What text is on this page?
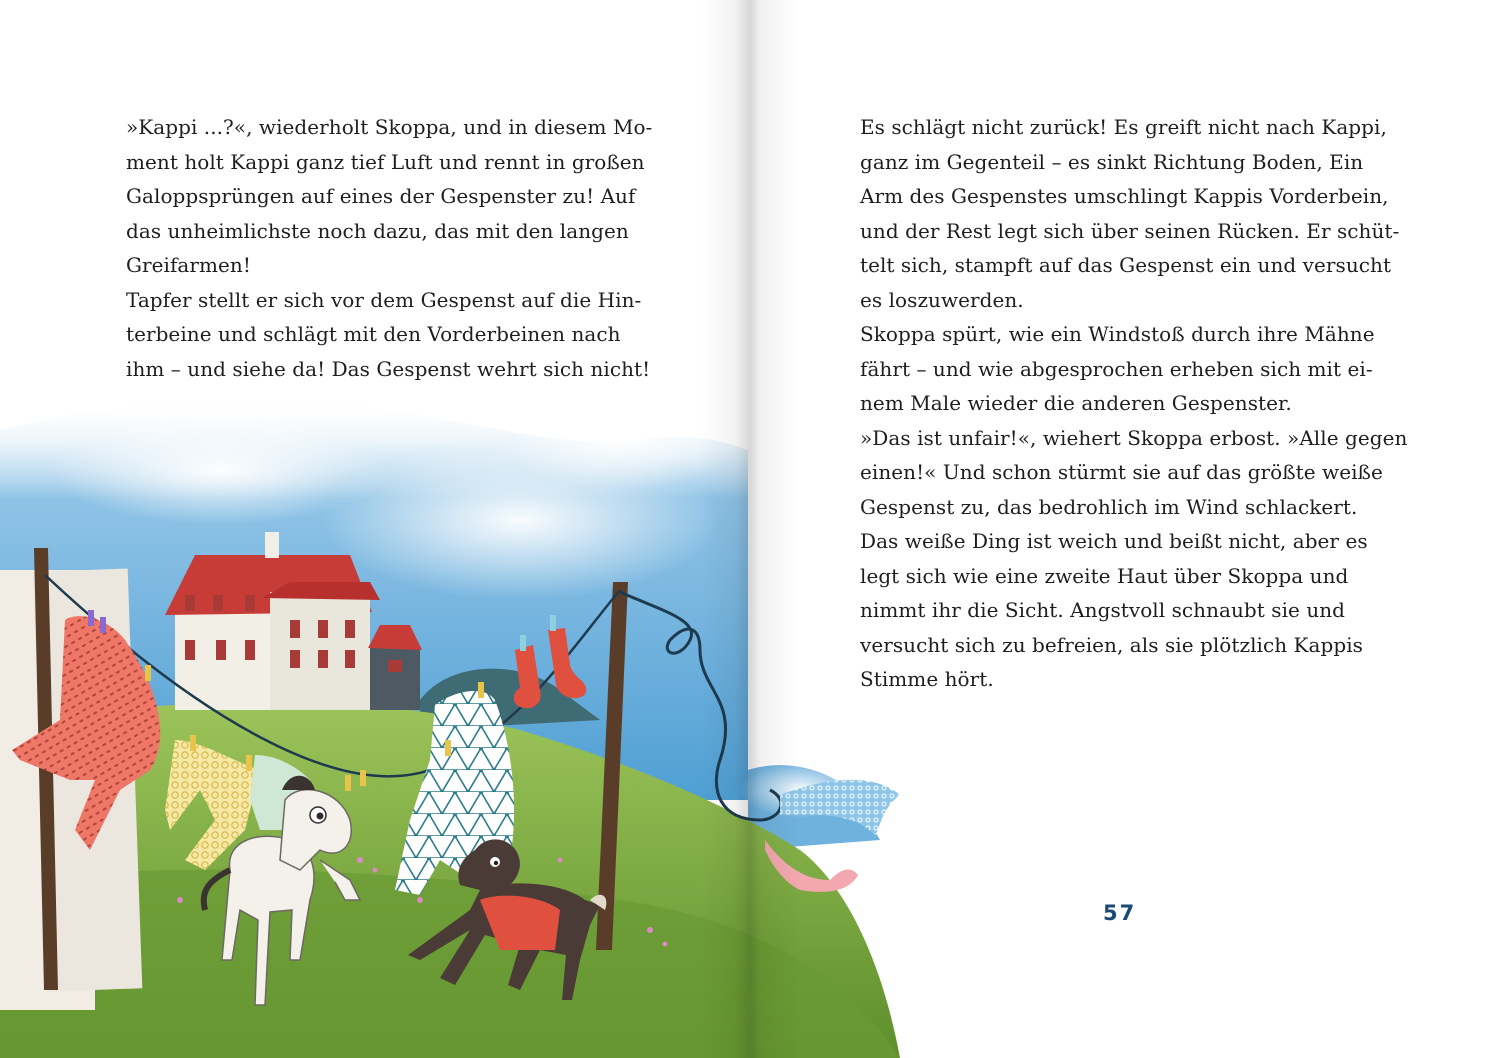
»Kappi ...?«, wiederholt Skoppa, und in diesem Mo-
ment holt Kappi ganz tief Luft und rennt in großen
Galoppsprüngen auf eines der Gespenster zu! Auf
das unheimlichste noch dazu, das mit den langen
Greifarmen!
Tapfer stellt er sich vor dem Gespenst auf die Hin-
terbeine und schlägt mit den Vorderbeinen nach
ihm – und siehe da! Das Gespenst wehrt sich nicht!
Es schlägt nicht zurück! Es greift nicht nach Kappi,
ganz im Gegenteil – es sinkt Richtung Boden, Ein
Arm des Gespenstes umschlingt Kappis Vorderbein,
und der Rest legt sich über seinen Rücken. Er schüt-
telt sich, stampft auf das Gespenst ein und versucht
es loszuwerden.
Skoppa spürt, wie ein Windstoß durch ihre Mähne
fährt – und wie abgesprochen erheben sich mit ei-
nem Male wieder die anderen Gespenster.
»Das ist unfair!«, wiehert Skoppa erbost. »Alle gegen
einen!« Und schon stürmt sie auf das größte weiße
Gespenst zu, das bedrohlich im Wind schlackert.
Das weiße Ding ist weich und beißt nicht, aber es
legt sich wie eine zweite Haut über Skoppa und
nimmt ihr die Sicht. Angstvoll schnaubt sie und
versucht sich zu befreien, als sie plötzlich Kappis
Stimme hört.
57
